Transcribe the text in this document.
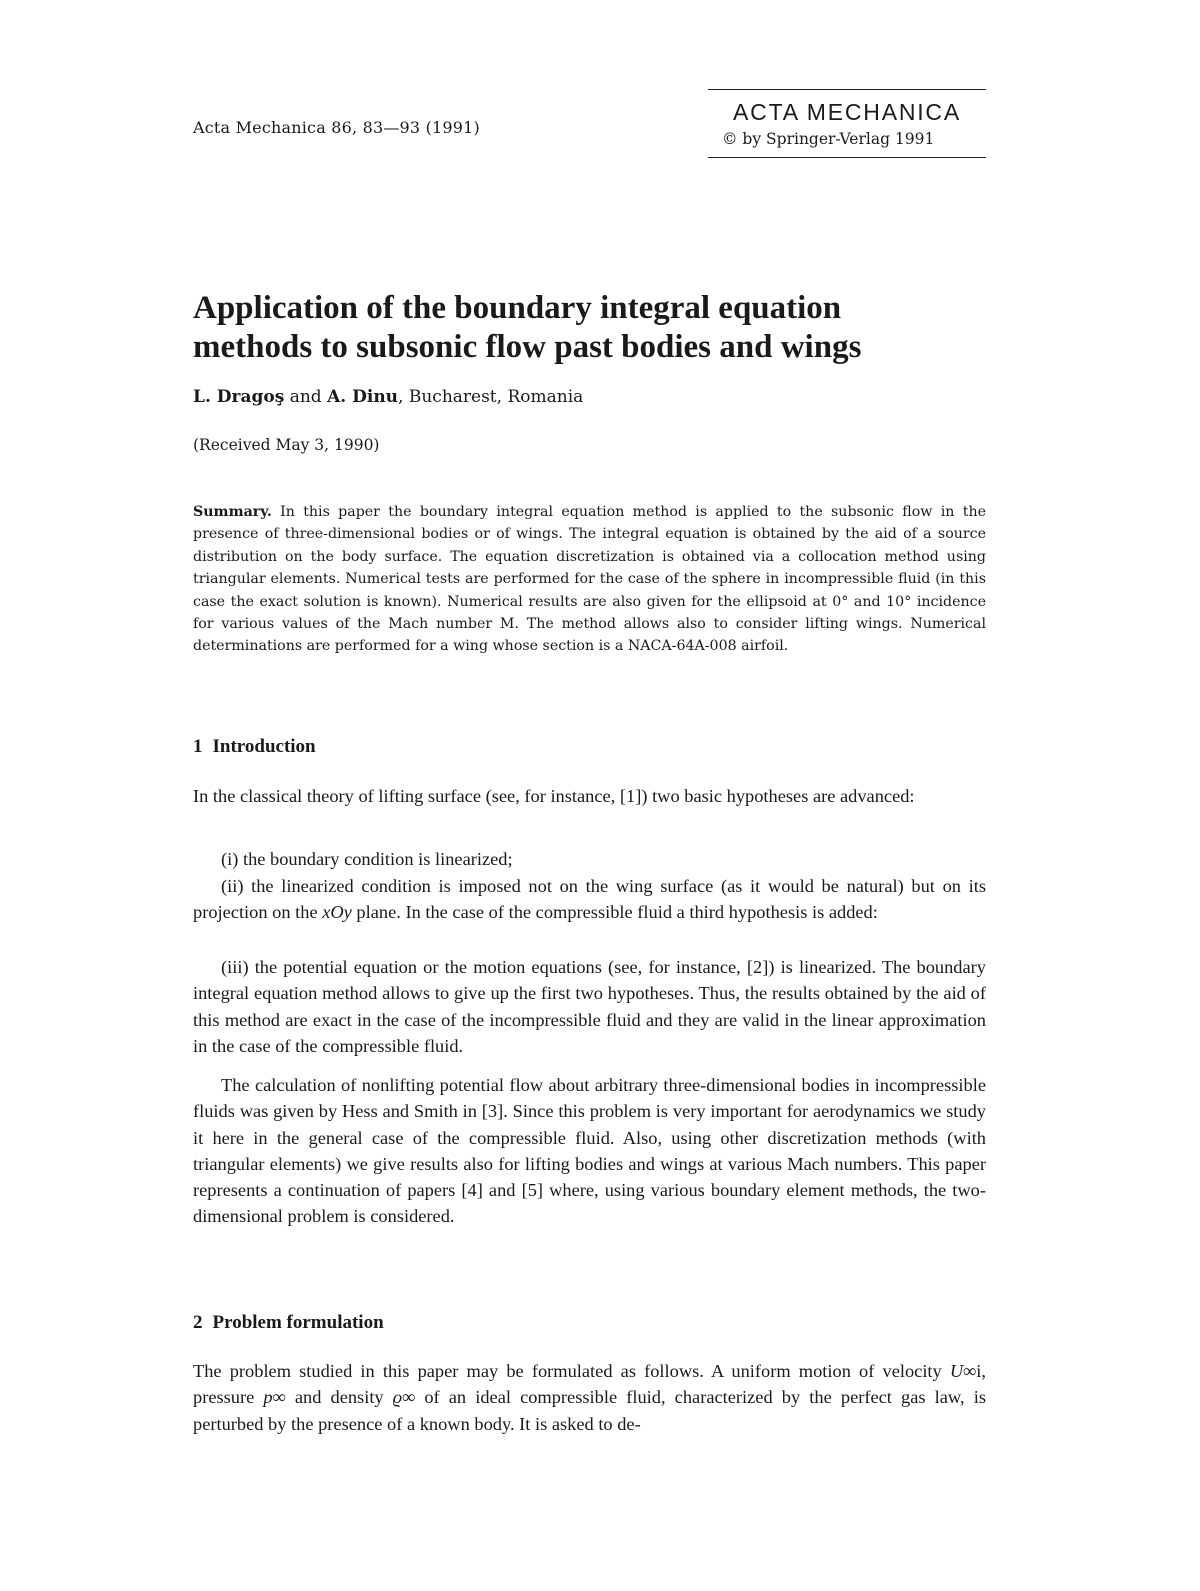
Acta Mechanica 86, 83—93 (1991)
ACTA MECHANICA
© by Springer-Verlag 1991
Application of the boundary integral equation
methods to subsonic flow past bodies and wings
L. Dragoş and A. Dinu, Bucharest, Romania
(Received May 3, 1990)

Summary. In this paper the boundary integral equation method is applied to the subsonic flow in the presence of three-dimensional bodies or of wings. The integral equation is obtained by the aid of a source distribution on the body surface. The equation discretization is obtained via a collocation method using triangular elements. Numerical tests are performed for the case of the sphere in incompressible fluid (in this case the exact solution is known). Numerical results are also given for the ellipsoid at 0° and 10° incidence for various values of the Mach number M. The method allows also to consider lifting wings. Numerical determinations are performed for a wing whose section is a NACA-64A-008 airfoil.

1 Introduction

In the classical theory of lifting surface (see, for instance, [1]) two basic hypotheses are advanced:

(i) the boundary condition is linearized;

(ii) the linearized condition is imposed not on the wing surface (as it would be natural) but on its projection on the xOy plane. In the case of the compressible fluid a third hypothesis is added:

(iii) the potential equation or the motion equations (see, for instance, [2]) is linearized. The boundary integral equation method allows to give up the first two hypotheses. Thus, the results obtained by the aid of this method are exact in the case of the incompressible fluid and they are valid in the linear approximation in the case of the compressible fluid.

The calculation of nonlifting potential flow about arbitrary three-dimensional bodies in incompressible fluids was given by Hess and Smith in [3]. Since this problem is very important for aerodynamics we study it here in the general case of the compressible fluid. Also, using other discretization methods (with triangular elements) we give results also for lifting bodies and wings at various Mach numbers. This paper represents a continuation of papers [4] and [5] where, using various boundary element methods, the two-dimensional problem is considered.

2 Problem formulation

The problem studied in this paper may be formulated as follows. A uniform motion of velocity U∞i, pressure p∞ and density ϱ∞ of an ideal compressible fluid, characterized by the perfect gas law, is perturbed by the presence of a known body. It is asked to de-
